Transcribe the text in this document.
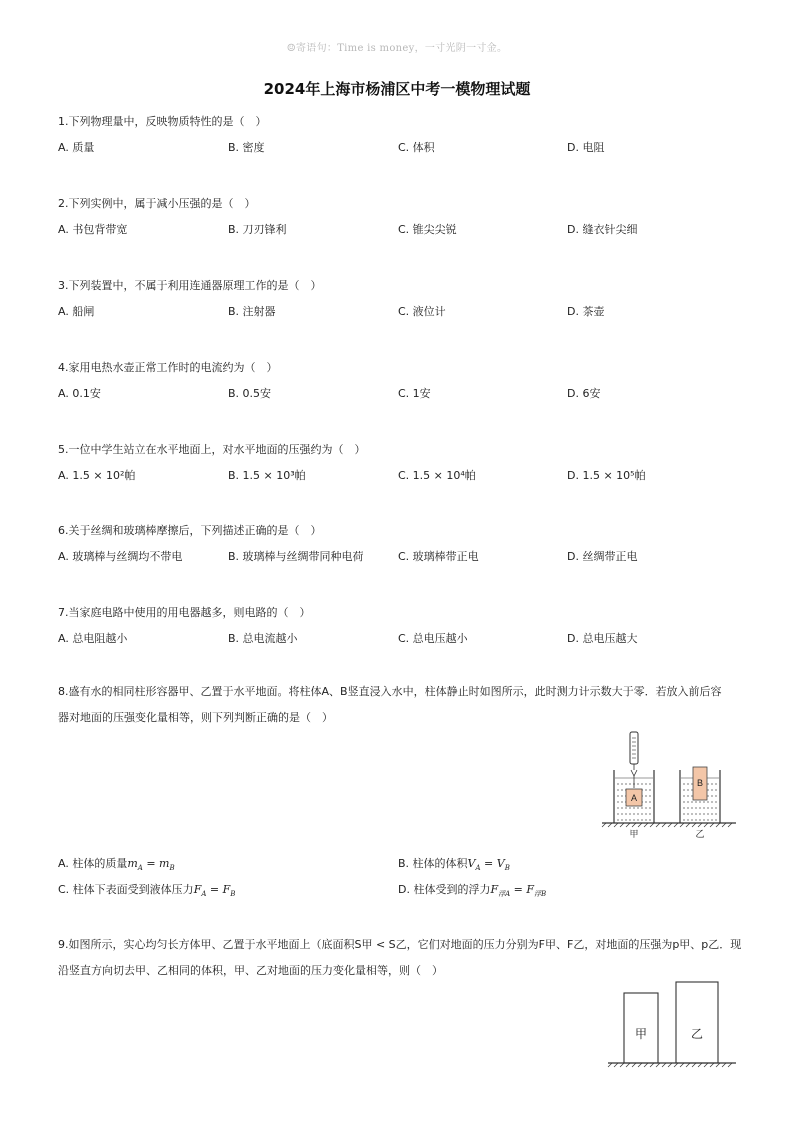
☺寄语句：Time is money，一寸光阴一寸金。
2024年上海市杨浦区中考一模物理试题
1.下列物理量中，反映物质特性的是（　）
A. 质量	B. 密度	C. 体积	D. 电阻
2.下列实例中，属于减小压强的是（　）
A. 书包背带宽	B. 刀刃锋利	C. 锥尖尖锐	D. 缝衣针尖细
3.下列装置中，不属于利用连通器原理工作的是（　）
A. 船闸	B. 注射器	C. 液位计	D. 茶壶
4.家用电热水壶正常工作时的电流约为（　）
A. 0.1安	B. 0.5安	C. 1安	D. 6安
5.一位中学生站立在水平地面上，对水平地面的压强约为（　）
A. 1.5 × 10²帕	B. 1.5 × 10³帕	C. 1.5 × 10⁴帕	D. 1.5 × 10⁵帕
6.关于丝绸和玻璃棒摩擦后，下列描述正确的是（　）
A. 玻璃棒与丝绸均不带电	B. 玻璃棒与丝绸带同种电荷	C. 玻璃棒带正电	D. 丝绸带正电
7.当家庭电路中使用的用电器越多，则电路的（　）
A. 总电阻越小	B. 总电流越小	C. 总电压越小	D. 总电压越大
8.盛有水的相同柱形容器甲、乙置于水平地面。将柱体A、B竖直浸入水中，柱体静止时如图所示，此时测力计示数大于零．若放入前后容
器对地面的压强变化量相等，则下列判断正确的是（　）
A
B
甲	乙
A. 柱体的质量$m_A = m_B$	B. 柱体的体积$V_A = V_B$
C. 柱体下表面受到液体压力$F_A = F_B$	D. 柱体受到的浮力$F_{浮A} = F_{浮B}$
9.如图所示，实心均匀长方体甲、乙置于水平地面上（底面积S甲 < S乙，它们对地面的压力分别为F甲、F乙，对地面的压强为p甲、p乙．现
沿竖直方向切去甲、乙相同的体积，甲、乙对地面的压力变化量相等，则（　）
甲	乙
